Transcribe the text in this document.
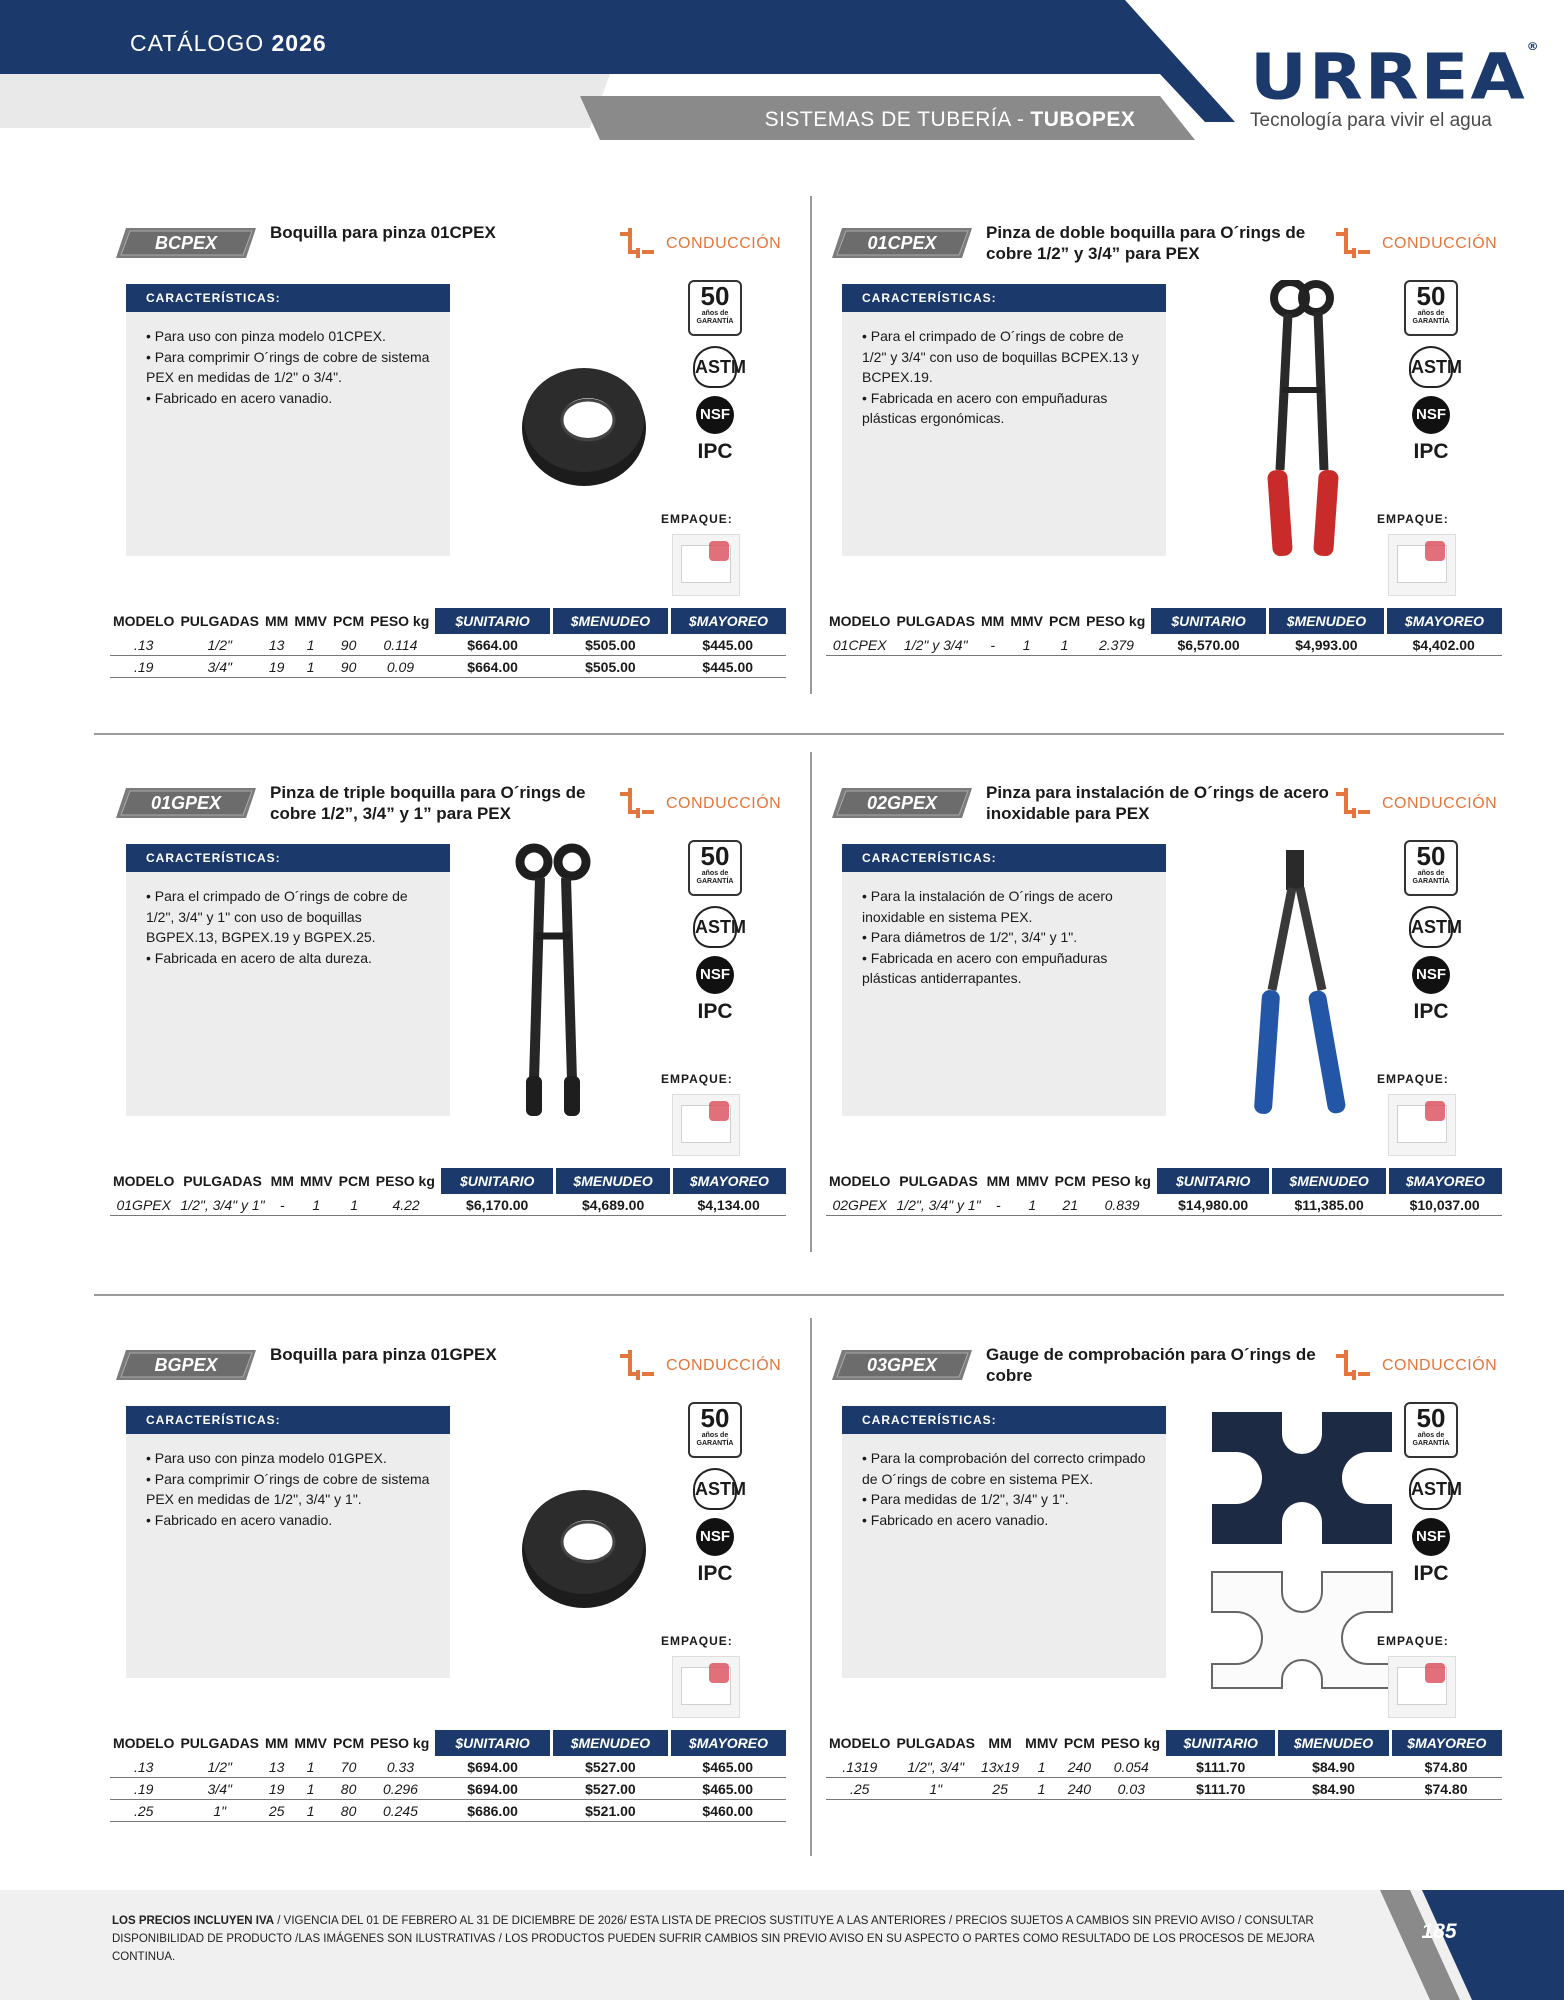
CATÁLOGO 2026
SISTEMAS DE TUBERÍA - TUBOPEX
URREA®
Tecnología para vivir el agua
BCPEX
Boquilla para pinza 01CPEX
CONDUCCIÓN
CARACTERÍSTICAS:
• Para uso con pinza modelo 01CPEX.
• Para comprimir O´rings de cobre de sistema PEX en medidas de 1/2" o 3/4".
• Fabricado en acero vanadio.
50
años de GARANTÍA
ASTM
NSF
IPC
EMPAQUE:
MODELO	PULGADAS	MM	MMV	PCM	PESO kg	$UNITARIO	$MENUDEO	$MAYOREO
.13	1/2"	13	1	90	0.114	$664.00	$505.00	$445.00
.19	3/4"	19	1	90	0.09	$664.00	$505.00	$445.00
01CPEX
Pinza de doble boquilla para O´rings de cobre 1/2” y 3/4” para PEX
CONDUCCIÓN
CARACTERÍSTICAS:
• Para el crimpado de O´rings de cobre de 1/2" y 3/4" con uso de boquillas BCPEX.13 y BCPEX.19.
• Fabricada en acero con empuñaduras plásticas ergonómicas.
50
años de GARANTÍA
ASTM
NSF
IPC
EMPAQUE:
MODELO	PULGADAS	MM	MMV	PCM	PESO kg	$UNITARIO	$MENUDEO	$MAYOREO
01CPEX	1/2" y 3/4"	-	1	1	2.379	$6,570.00	$4,993.00	$4,402.00
01GPEX
Pinza de triple boquilla para O´rings de cobre 1/2”, 3/4” y 1” para PEX
CONDUCCIÓN
CARACTERÍSTICAS:
• Para el crimpado de O´rings de cobre de 1/2", 3/4" y 1" con uso de boquillas BGPEX.13, BGPEX.19 y BGPEX.25.
• Fabricada en acero de alta dureza.
50
años de GARANTÍA
ASTM
NSF
IPC
EMPAQUE:
MODELO	PULGADAS	MM	MMV	PCM	PESO kg	$UNITARIO	$MENUDEO	$MAYOREO
01GPEX	1/2", 3/4" y 1"	-	1	1	4.22	$6,170.00	$4,689.00	$4,134.00
02GPEX
Pinza para instalación de O´rings de acero inoxidable para PEX
CONDUCCIÓN
CARACTERÍSTICAS:
• Para la instalación de O´rings de acero inoxidable en sistema PEX.
• Para diámetros de 1/2", 3/4" y 1".
• Fabricada en acero con empuñaduras plásticas antiderrapantes.
50
años de GARANTÍA
ASTM
NSF
IPC
EMPAQUE:
MODELO	PULGADAS	MM	MMV	PCM	PESO kg	$UNITARIO	$MENUDEO	$MAYOREO
02GPEX	1/2", 3/4" y 1"	-	1	21	0.839	$14,980.00	$11,385.00	$10,037.00
BGPEX
Boquilla para pinza 01GPEX
CONDUCCIÓN
CARACTERÍSTICAS:
• Para uso con pinza modelo 01GPEX.
• Para comprimir O´rings de cobre de sistema PEX en medidas de 1/2", 3/4" y 1".
• Fabricado en acero vanadio.
50
años de GARANTÍA
ASTM
NSF
IPC
EMPAQUE:
MODELO	PULGADAS	MM	MMV	PCM	PESO kg	$UNITARIO	$MENUDEO	$MAYOREO
.13	1/2"	13	1	70	0.33	$694.00	$527.00	$465.00
.19	3/4"	19	1	80	0.296	$694.00	$527.00	$465.00
.25	1"	25	1	80	0.245	$686.00	$521.00	$460.00
03GPEX
Gauge de comprobación para O´rings de cobre
CONDUCCIÓN
CARACTERÍSTICAS:
• Para la comprobación del correcto crimpado de O´rings de cobre en sistema PEX.
• Para medidas de 1/2", 3/4" y 1".
• Fabricado en acero vanadio.
50
años de GARANTÍA
ASTM
NSF
IPC
EMPAQUE:
MODELO	PULGADAS	MM	MMV	PCM	PESO kg	$UNITARIO	$MENUDEO	$MAYOREO
.1319	1/2", 3/4"	13x19	1	240	0.054	$111.70	$84.90	$74.80
.25	1"	25	1	240	0.03	$111.70	$84.90	$74.80
LOS PRECIOS INCLUYEN IVA / VIGENCIA DEL 01 DE FEBRERO AL 31 DE DICIEMBRE DE 2026/ ESTA LISTA DE PRECIOS SUSTITUYE A LAS ANTERIORES / PRECIOS SUJETOS A CAMBIOS SIN PREVIO AVISO / CONSULTAR DISPONIBILIDAD DE PRODUCTO /LAS IMÁGENES SON ILUSTRATIVAS / LOS PRODUCTOS PUEDEN SUFRIR CAMBIOS SIN PREVIO AVISO EN SU ASPECTO O PARTES COMO RESULTADO DE LOS PROCESOS DE MEJORA CONTINUA.
185
